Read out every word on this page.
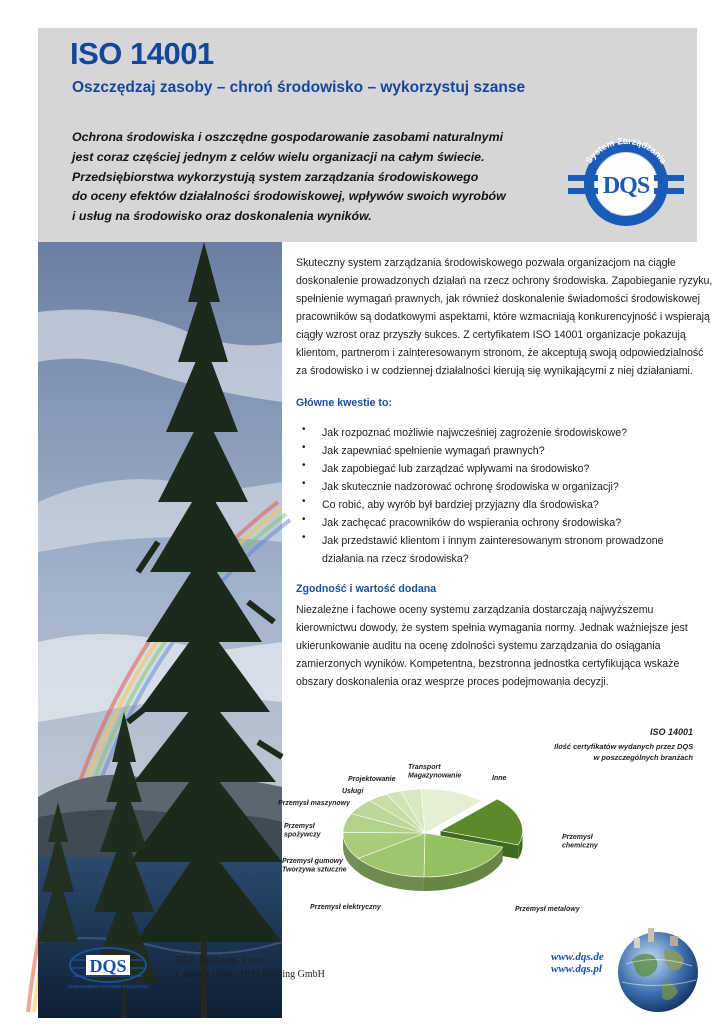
ISO 14001
Oszczędzaj zasoby – chroń środowisko – wykorzystuj szanse
Ochrona środowiska i oszczędne gospodarowanie zasobami naturalnymi
jest coraz częściej jednym z celów wielu organizacji na całym świecie.
Przedsiębiorstwa wykorzystują system zarządzania środowiskowego
do oceny efektów działalności środowiskowej, wpływów swoich wyrobów
i usług na środowisko oraz doskonalenia wyników.
System Zarządzania
DQS
ISO 14001
Skuteczny system zarządzania środowiskowego pozwala organizacjom na ciągłe
doskonalenie prowadzonych działań na rzecz ochrony środowiska. Zapobieganie ryzyku,
spełnienie wymagań prawnych, jak również doskonalenie świadomości środowiskowej
pracowników są dodatkowymi aspektami, które wzmacniają konkurencyjność i wspierają
ciągły wzrost oraz przyszły sukces. Z certyfikatem ISO 14001 organizacje pokazują
klientom, partnerom i zainteresowanym stronom, że akceptują swoją odpowiedzialność
za środowisko i w codziennej działalności kierują się wynikającymi z niej działaniami.
Główne kwestie to:
• Jak rozpoznać możliwie najwcześniej zagrożenie środowiskowe?
• Jak zapewniać spełnienie wymagań prawnych?
• Jak zapobiegać lub zarządzać wpływami na środowisko?
• Jak skutecznie nadzorować ochronę środowiska w organizacji?
• Co robić, aby wyrób był bardziej przyjazny dla środowiska?
• Jak zachęcać pracowników do wspierania ochrony środowiska?
• Jak przedstawić klientom i innym zainteresowanym stronom prowadzone działania na rzecz środowiska?
Zgodność i wartość dodana
Niezależne i fachowe oceny systemu zarządzania dostarczają najwyższemu
kierownictwu dowody, że system spełnia wymagania normy. Jednak ważniejsze jest
ukierunkowanie auditu na ocenę zdolności systemu zarządzania do osiągania
zamierzonych wyników. Kompetentna, bezstronna jednostka certyfikująca wskaże
obszary doskonalenia oraz wesprze proces podejmowania decyzji.
ISO 14001
Ilość certyfikatów wydanych przez DQS
w poszczególnych branżach
Inne
Przemysł chemiczny
Przemysł metalowy
Przemysł elektryczny
Przemysł gumowy Tworzywa sztuczne
Przemysł spożywczy
Przemysł maszynowy
Usługi
Projektowanie
Transport Magazynowanie
DQS
MANAGEMENT SYSTEMS SOLUTIONS
DQS Polska sp. z o.o.
Członek Grupy DQS Holding GmbH
www.dqs.de
www.dqs.pl
